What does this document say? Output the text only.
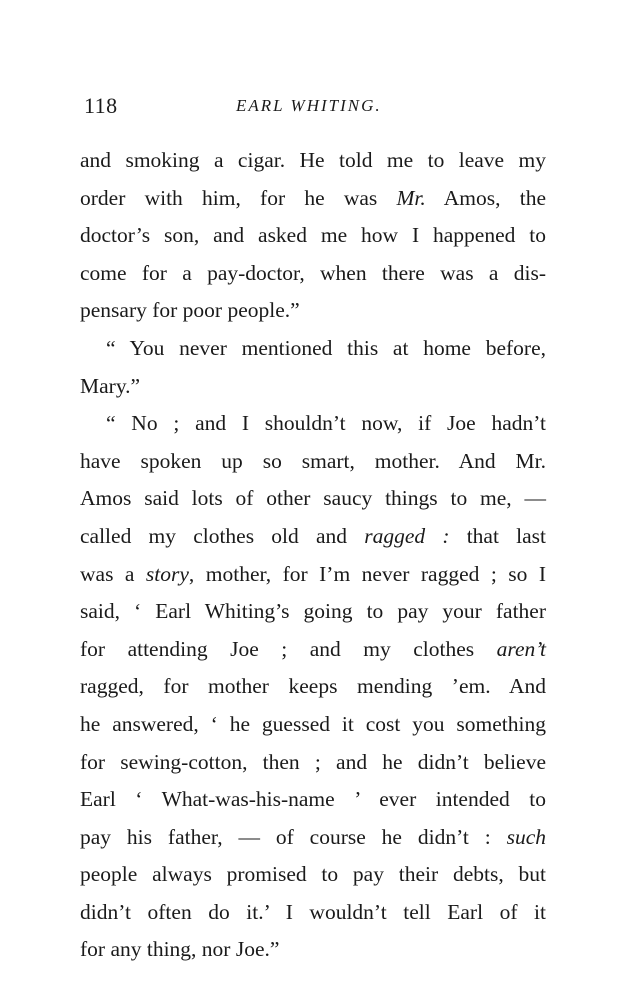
118	EARL WHITING.
and smoking a cigar. He told me to leave my
order with him, for he was Mr. Amos, the
doctor’s son, and asked me how I happened to
come for a pay-doctor, when there was a dis-
pensary for poor people.”
“ You never mentioned this at home before,
Mary.”
“ No ; and I shouldn’t now, if Joe hadn’t
have spoken up so smart, mother. And Mr.
Amos said lots of other saucy things to me, —
called my clothes old and ragged : that last
was a story, mother, for I’m never ragged ; so I
said, ‘ Earl Whiting’s going to pay your father
for attending Joe ; and my clothes aren’t
ragged, for mother keeps mending ’em. And
he answered, ‘ he guessed it cost you something
for sewing-cotton, then ; and he didn’t believe
Earl ‘ What-was-his-name ’ ever intended to
pay his father, — of course he didn’t : such
people always promised to pay their debts, but
didn’t often do it.’ I wouldn’t tell Earl of it
for any thing, nor Joe.”
